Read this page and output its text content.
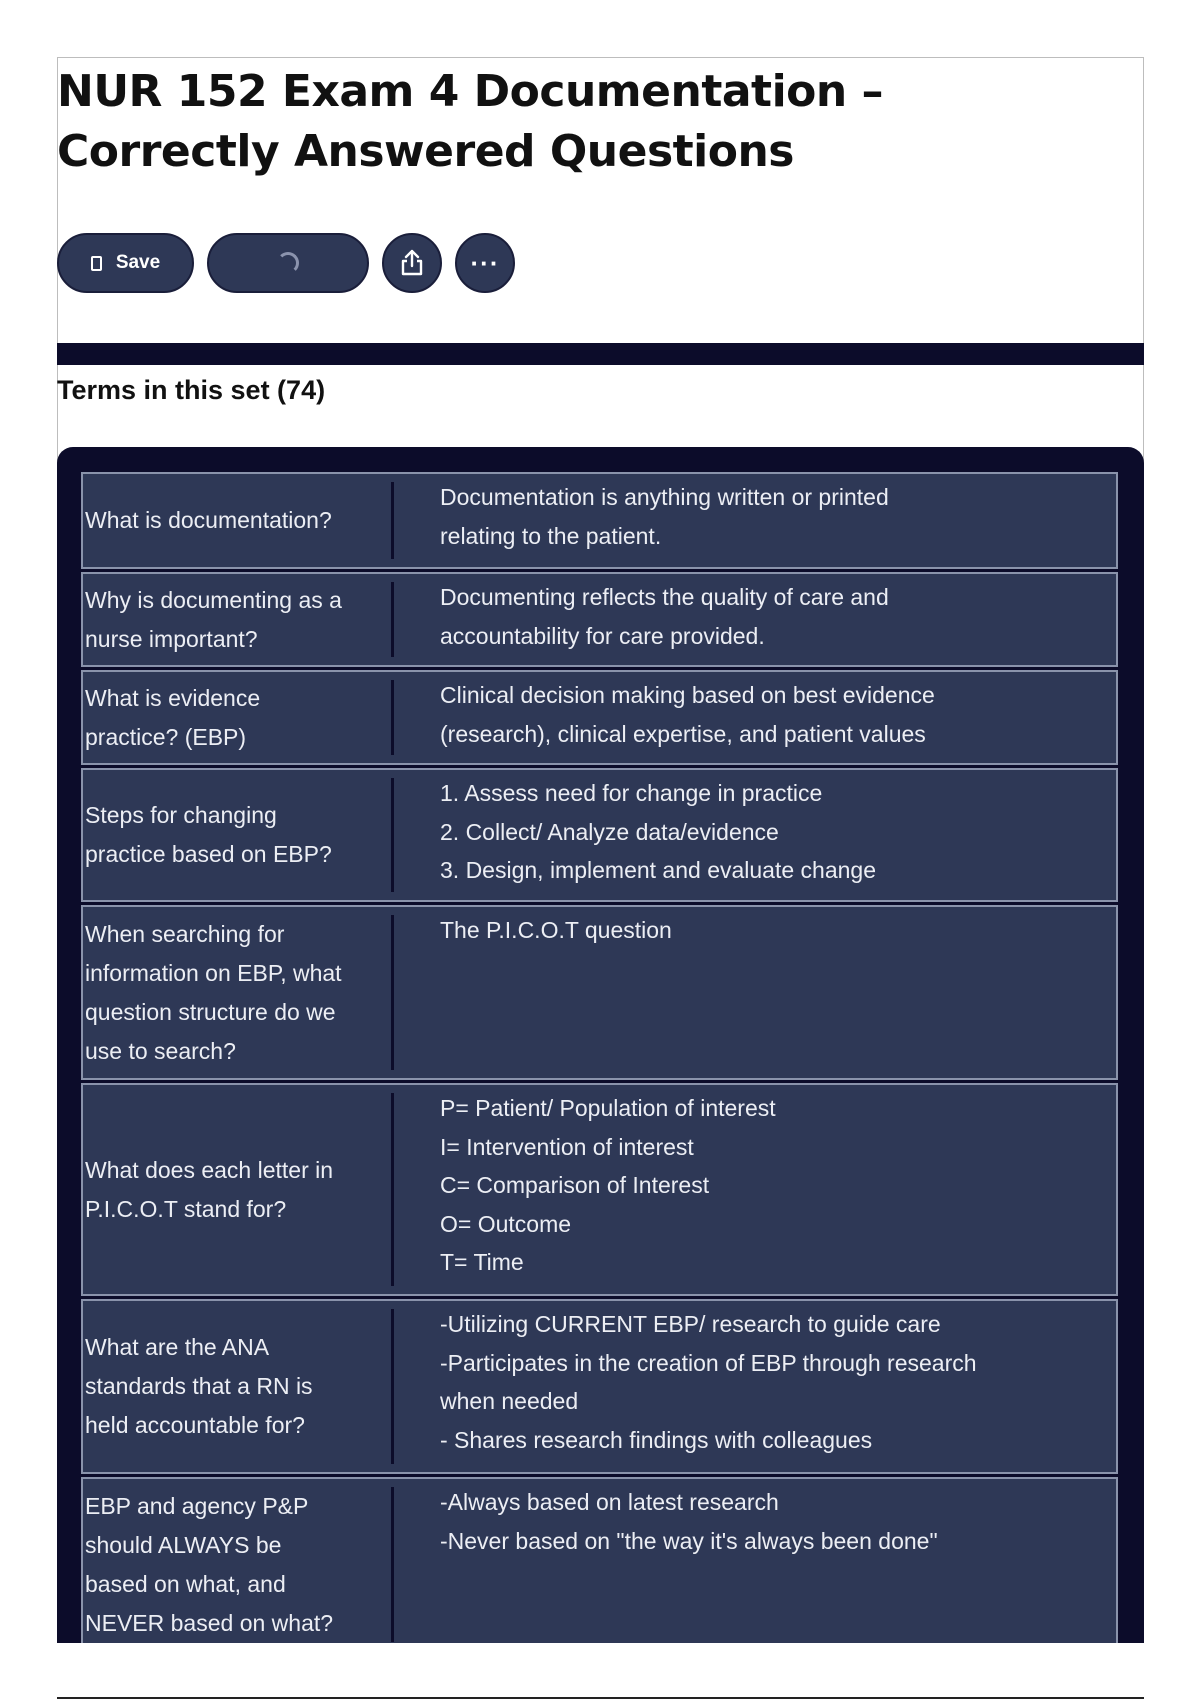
NUR 152 Exam 4 Documentation – Correctly Answered Questions
Save	···
Terms in this set (74)
What is documentation?
Documentation is anything written or printed
relating to the patient.
Why is documenting as a
nurse important?
Documenting reflects the quality of care and
accountability for care provided.
What is evidence
practice? (EBP)
Clinical decision making based on best evidence
(research), clinical expertise, and patient values
Steps for changing
practice based on EBP?
1. Assess need for change in practice
2. Collect/ Analyze data/evidence
3. Design, implement and evaluate change
When searching for
information on EBP, what
question structure do we
use to search?
The P.I.C.O.T question
What does each letter in
P.I.C.O.T stand for?
P= Patient/ Population of interest
I= Intervention of interest
C= Comparison of Interest
O= Outcome
T= Time
What are the ANA
standards that a RN is
held accountable for?
-Utilizing CURRENT EBP/ research to guide care
-Participates in the creation of EBP through research
when needed
- Shares research findings with colleagues
EBP and agency P&P
should ALWAYS be
based on what, and
NEVER based on what?
-Always based on latest research
-Never based on "the way it's always been done"
